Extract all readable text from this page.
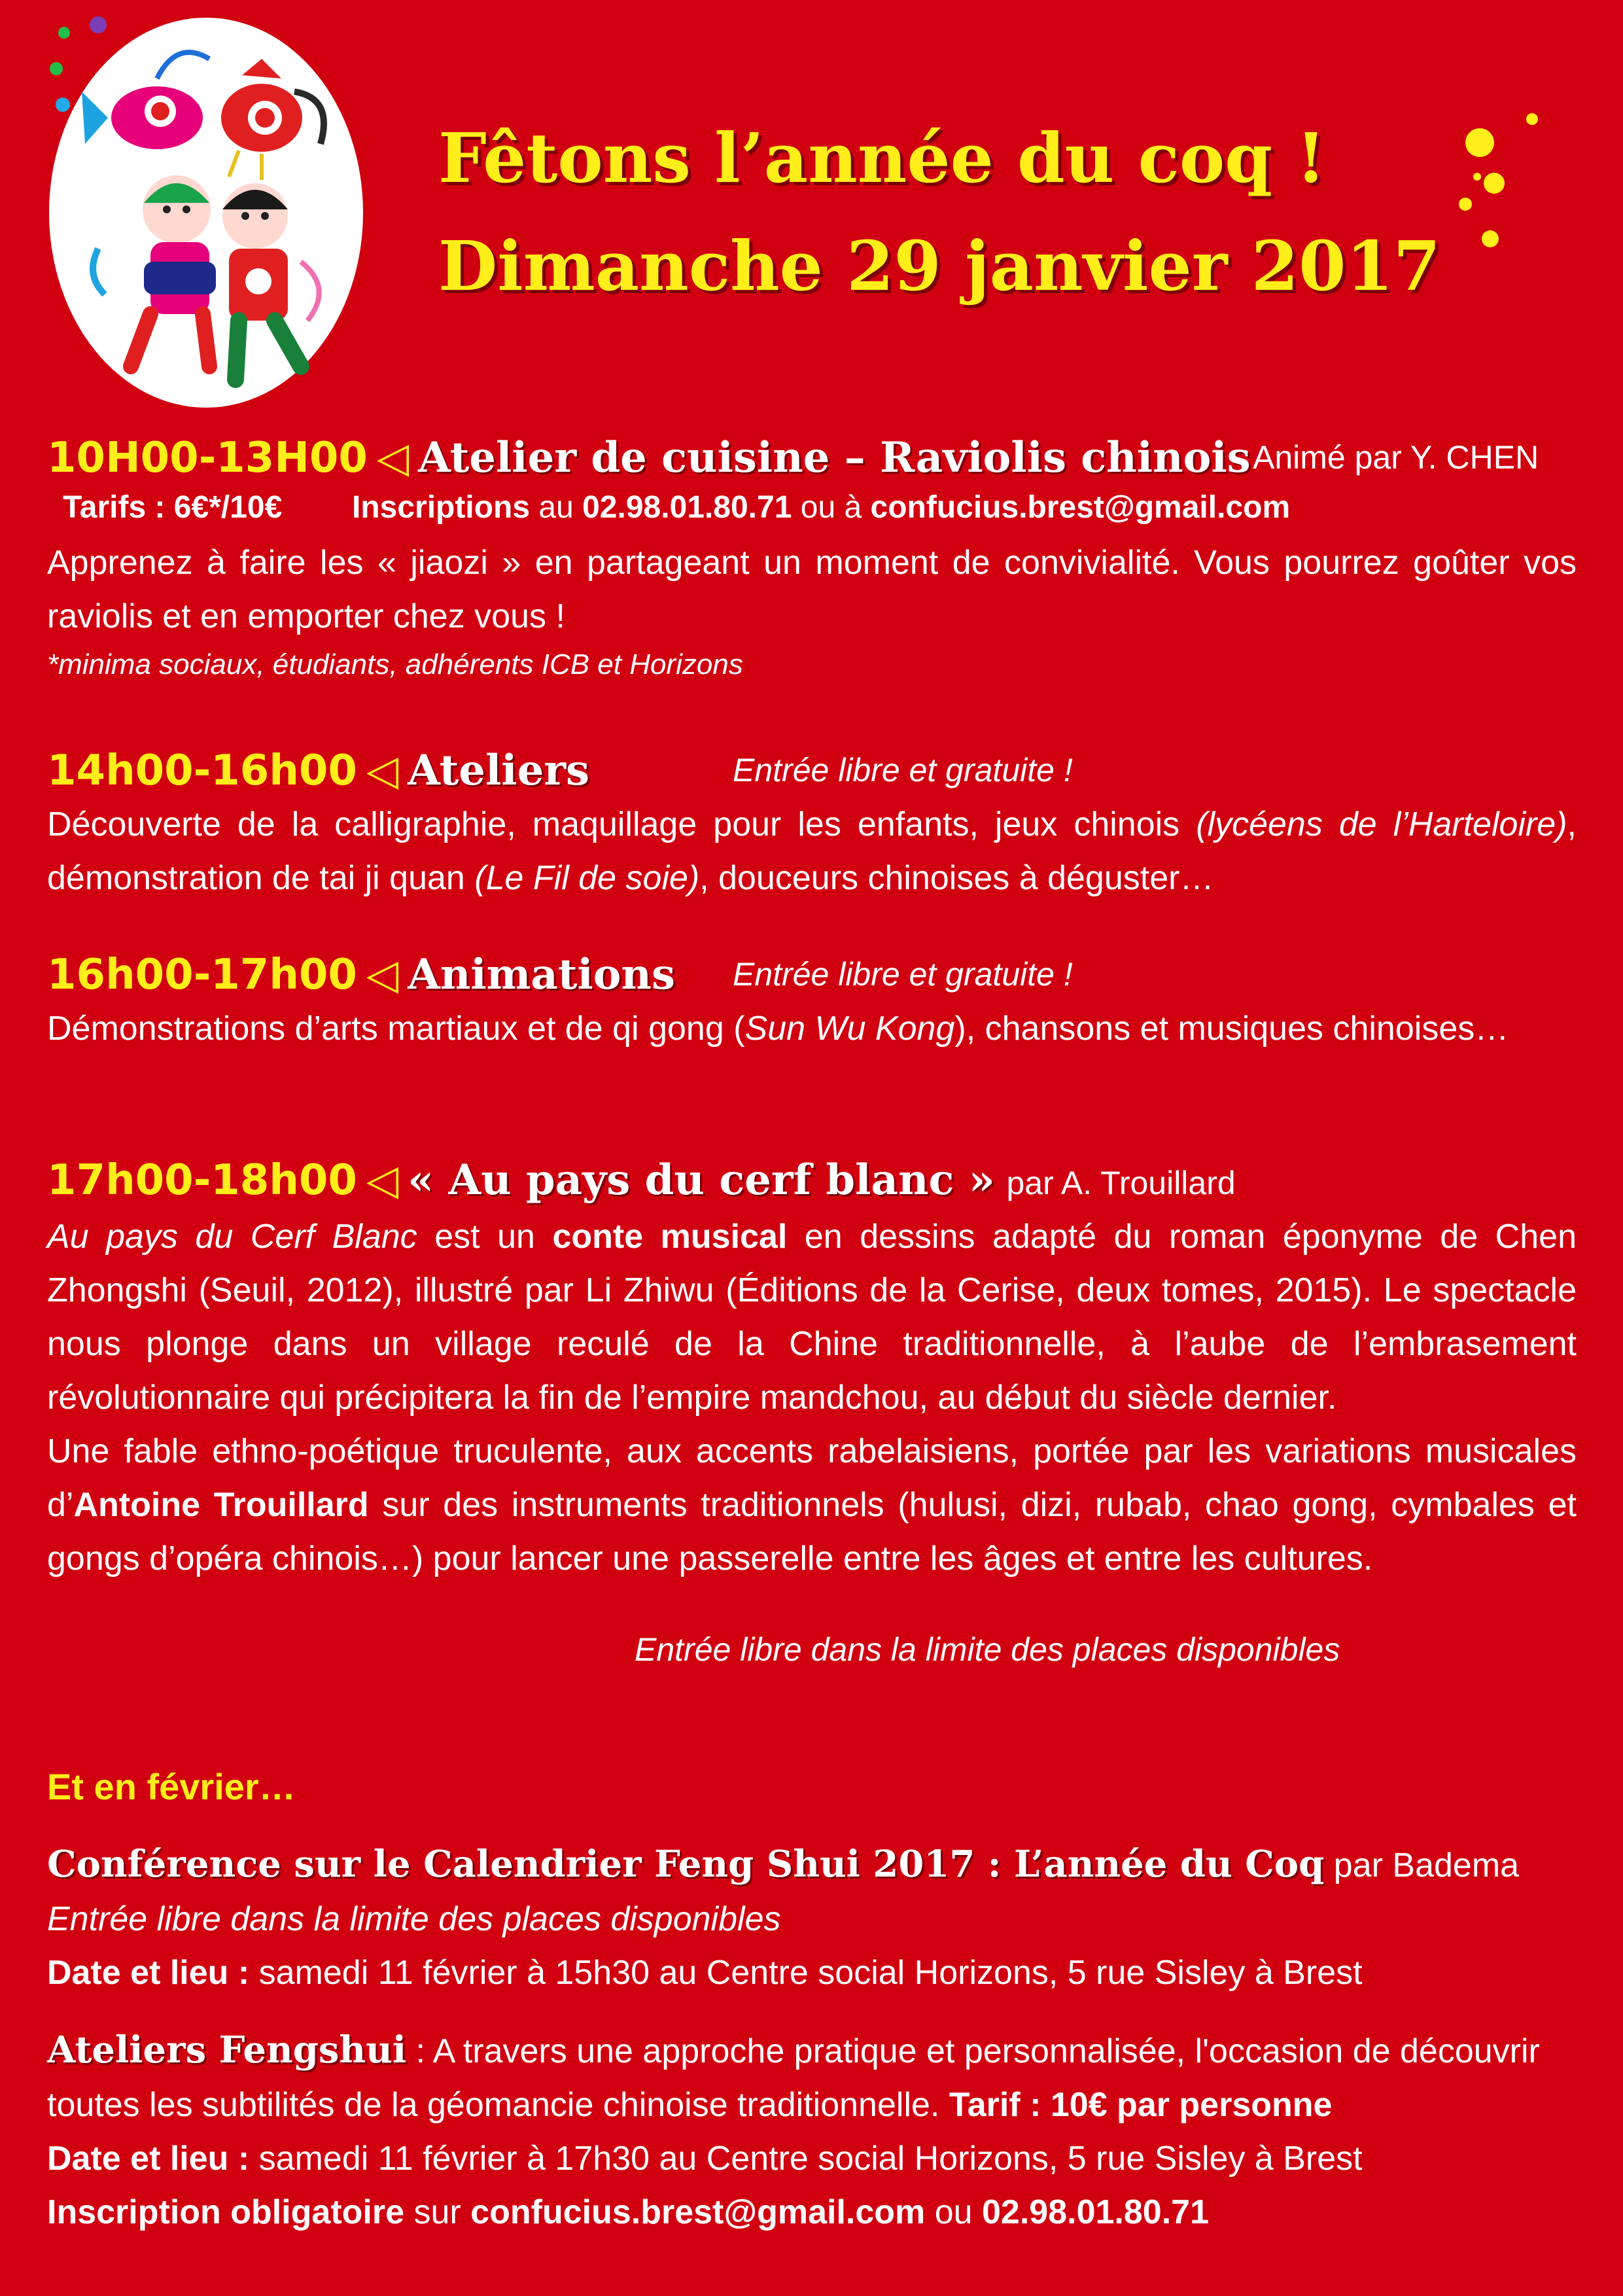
Fêtons l’année du coq !
Dimanche 29 janvier 2017
10H00-13H00 ◁ Atelier de cuisine – Raviolis chinois Animé par Y. CHEN
Tarifs : 6€*/10€ Inscriptions au 02.98.01.80.71 ou à confucius.brest@gmail.com

Apprenez à faire les « jiaozi » en partageant un moment de convivialité. Vous pourrez goûter vos raviolis et en emporter chez vous !

*minima sociaux, étudiants, adhérents ICB et Horizons
14h00-16h00 ◁ Ateliers	Entrée libre et gratuite !

Découverte de la calligraphie, maquillage pour les enfants, jeux chinois (lycéens de l’Harteloire), démonstration de tai ji quan (Le Fil de soie), douceurs chinoises à déguster…

16h00-17h00 ◁ Animations Entrée libre et gratuite !

Démonstrations d’arts martiaux et de qi gong (Sun Wu Kong), chansons et musiques chinoises…

17h00-18h00 ◁ « Au pays du cerf blanc » par A. Trouillard

Au pays du Cerf Blanc est un conte musical en dessins adapté du roman éponyme de Chen Zhongshi (Seuil, 2012), illustré par Li Zhiwu (Éditions de la Cerise, deux tomes, 2015). Le spectacle nous plonge dans un village reculé de la Chine traditionnelle, à l’aube de l’embrasement révolutionnaire qui précipitera la fin de l’empire mandchou, au début du siècle dernier.

Une fable ethno-poétique truculente, aux accents rabelaisiens, portée par les variations musicales d’Antoine Trouillard sur des instruments traditionnels (hulusi, dizi, rubab, chao gong, cymbales et gongs d’opéra chinois…) pour lancer une passerelle entre les âges et entre les cultures.

Entrée libre dans la limite des places disponibles
Et en février…
Conférence sur le Calendrier Feng Shui 2017 : L’année du Coq par Badema
Entrée libre dans la limite des places disponibles
Date et lieu : samedi 11 février à 15h30 au Centre social Horizons, 5 rue Sisley à Brest

Ateliers Fengshui : A travers une approche pratique et personnalisée, l'occasion de découvrir toutes les subtilités de la géomancie chinoise traditionnelle. Tarif : 10€ par personne

Date et lieu : samedi 11 février à 17h30 au Centre social Horizons, 5 rue Sisley à Brest
Inscription obligatoire sur confucius.brest@gmail.com ou 02.98.01.80.71
